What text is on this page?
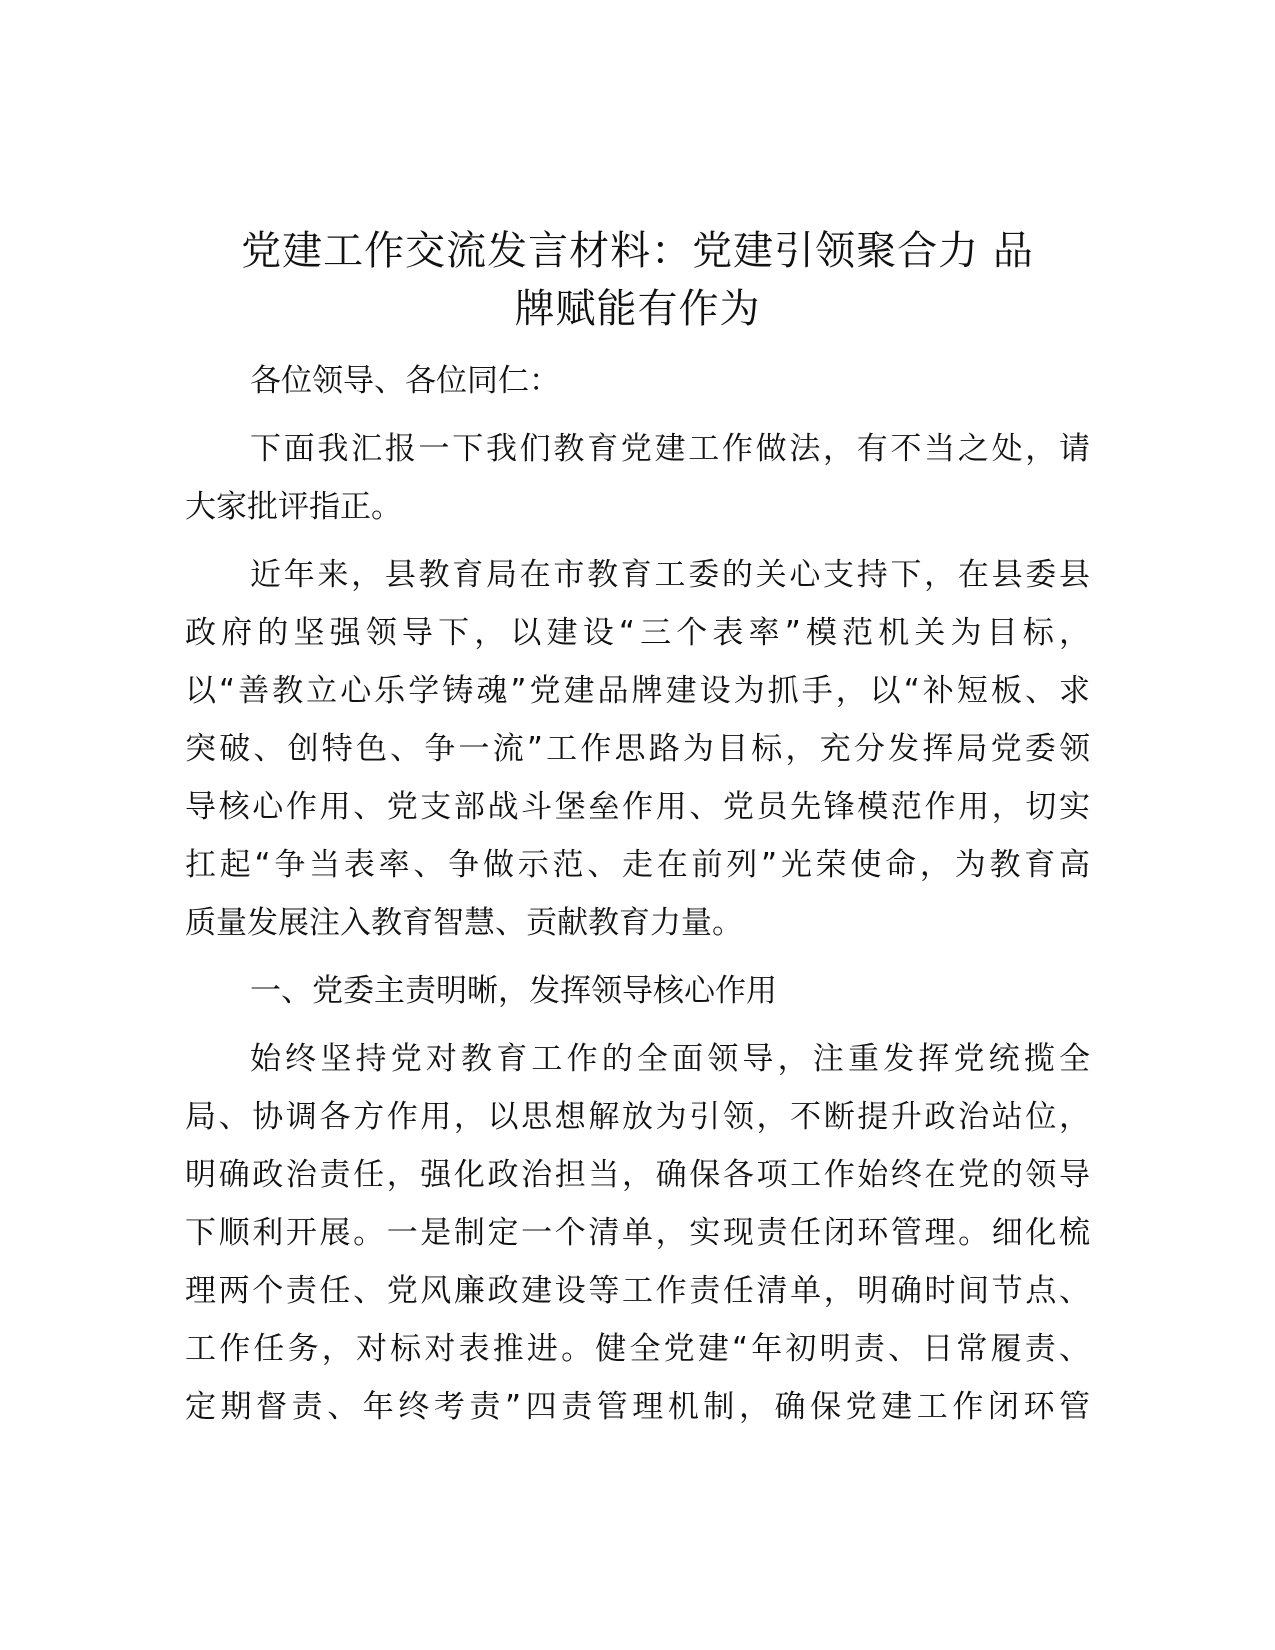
党建工作交流发言材料：党建引领聚合力 品
牌赋能有作为

各位领导、各位同仁：

下面我汇报一下我们教育党建工作做法，有不当之处，请
大家批评指正。

近年来，县教育局在市教育工委的关心支持下，在县委县
政府的坚强领导下，以建设“三个表率”模范机关为目标，
以“善教立心乐学铸魂”党建品牌建设为抓手，以“补短板、求
突破、创特色、争一流”工作思路为目标，充分发挥局党委领
导核心作用、党支部战斗堡垒作用、党员先锋模范作用，切实
扛起“争当表率、争做示范、走在前列”光荣使命，为教育高
质量发展注入教育智慧、贡献教育力量。

一、党委主责明晰，发挥领导核心作用

始终坚持党对教育工作的全面领导，注重发挥党统揽全
局、协调各方作用，以思想解放为引领，不断提升政治站位，
明确政治责任，强化政治担当，确保各项工作始终在党的领导
下顺利开展。一是制定一个清单，实现责任闭环管理。细化梳
理两个责任、党风廉政建设等工作责任清单，明确时间节点、
工作任务，对标对表推进。健全党建“年初明责、日常履责、
定期督责、年终考责”四责管理机制，确保党建工作闭环管
